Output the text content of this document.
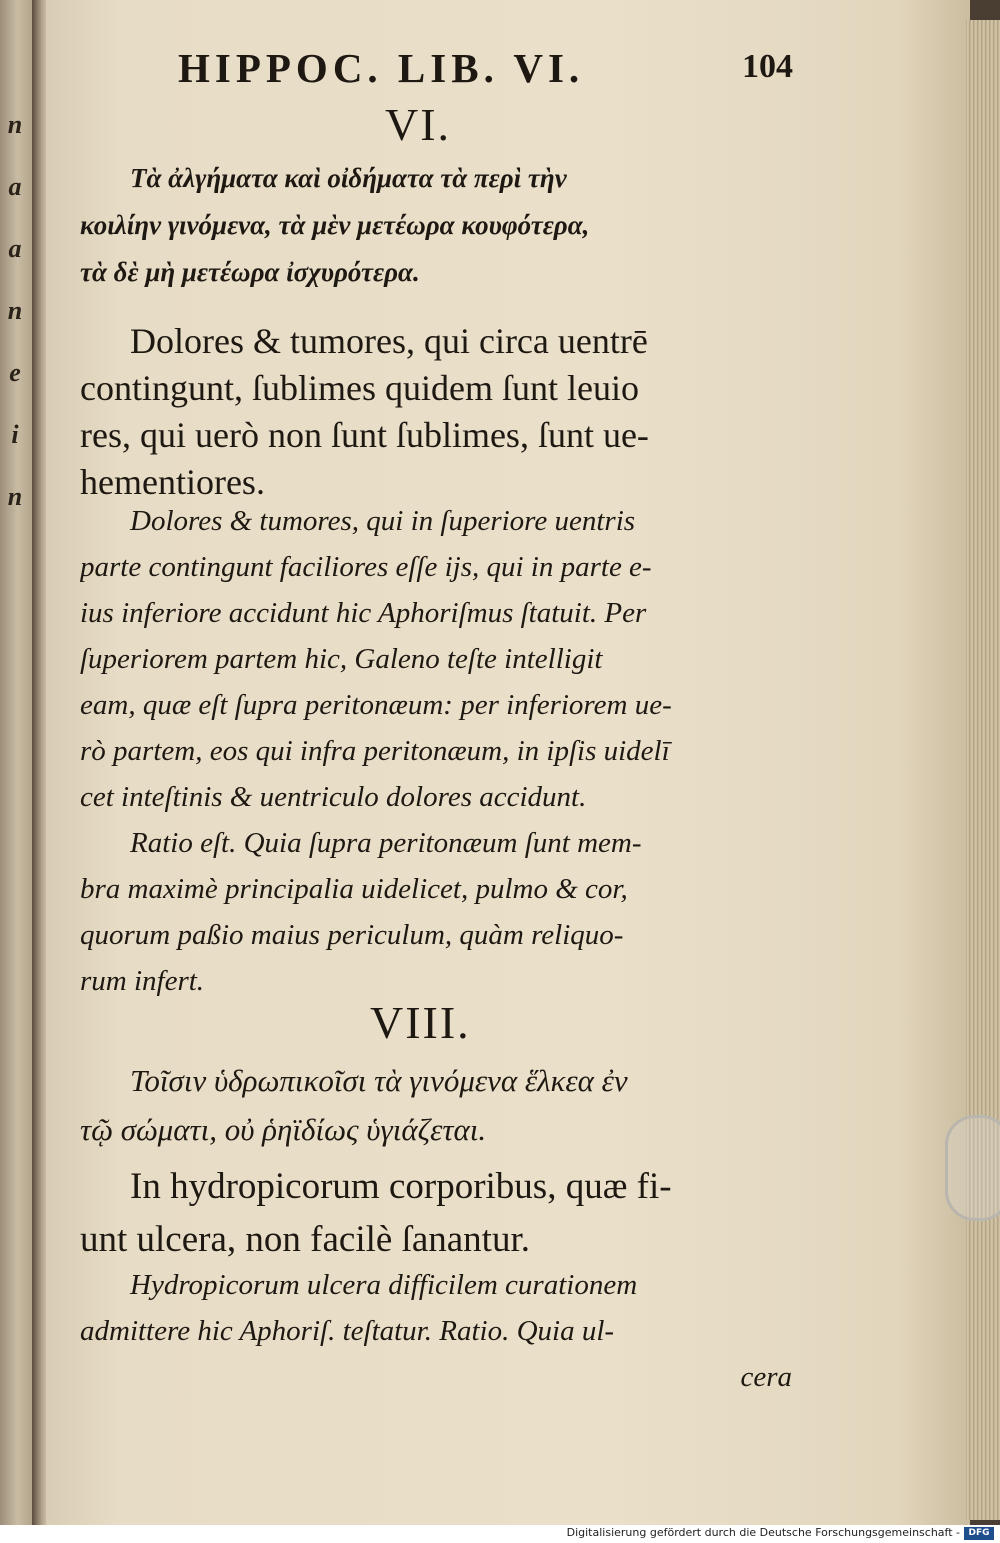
n
a
a
n
e
i
n
HIPPOC. LIB. VI.	104
VI.
Τὰ ἀλγήματα καὶ οἰδήματα τὰ περὶ τὴν
κοιλίην γινόμενα, τὰ μὲν μετέωρα κουφότερα,
τὰ δὲ μὴ μετέωρα ἰσχυρότερα.
Dolores & tumores, qui circa uentrē
contingunt, ſublimes quidem ſunt leuio
res, qui uerò non ſunt ſublimes, ſunt ue-
hementiores.
Dolores & tumores, qui in ſuperiore uentris
parte contingunt faciliores eſſe ijs, qui in parte e-
ius inferiore accidunt hic Aphoriſmus ſtatuit. Per
ſuperiorem partem hic, Galeno teſte intelligit
eam, quæ eſt ſupra peritonæum: per inferiorem ue-
rò partem, eos qui infra peritonæum, in ipſis uidelī
cet inteſtinis & uentriculo dolores accidunt.
Ratio eſt. Quia ſupra peritonæum ſunt mem-
bra maximè principalia uidelicet, pulmo & cor,
quorum paßio maius periculum, quàm reliquo-
rum infert.
VIII.
Τοῖσιν ὑδρωπικοῖσι τὰ γινόμενα ἕλκεα ἐν
τῷ σώματι, οὐ ῥηϊδίως ὑγιάζεται.
In hydropicorum corporibus, quæ fi-
unt ulcera, non facilè ſanantur.
Hydropicorum ulcera difficilem curationem
admittere hic Aphoriſ. teſtatur. Ratio. Quia ul-
cera
Digitalisierung gefördert durch die Deutsche Forschungsgemeinschaft - DFG
